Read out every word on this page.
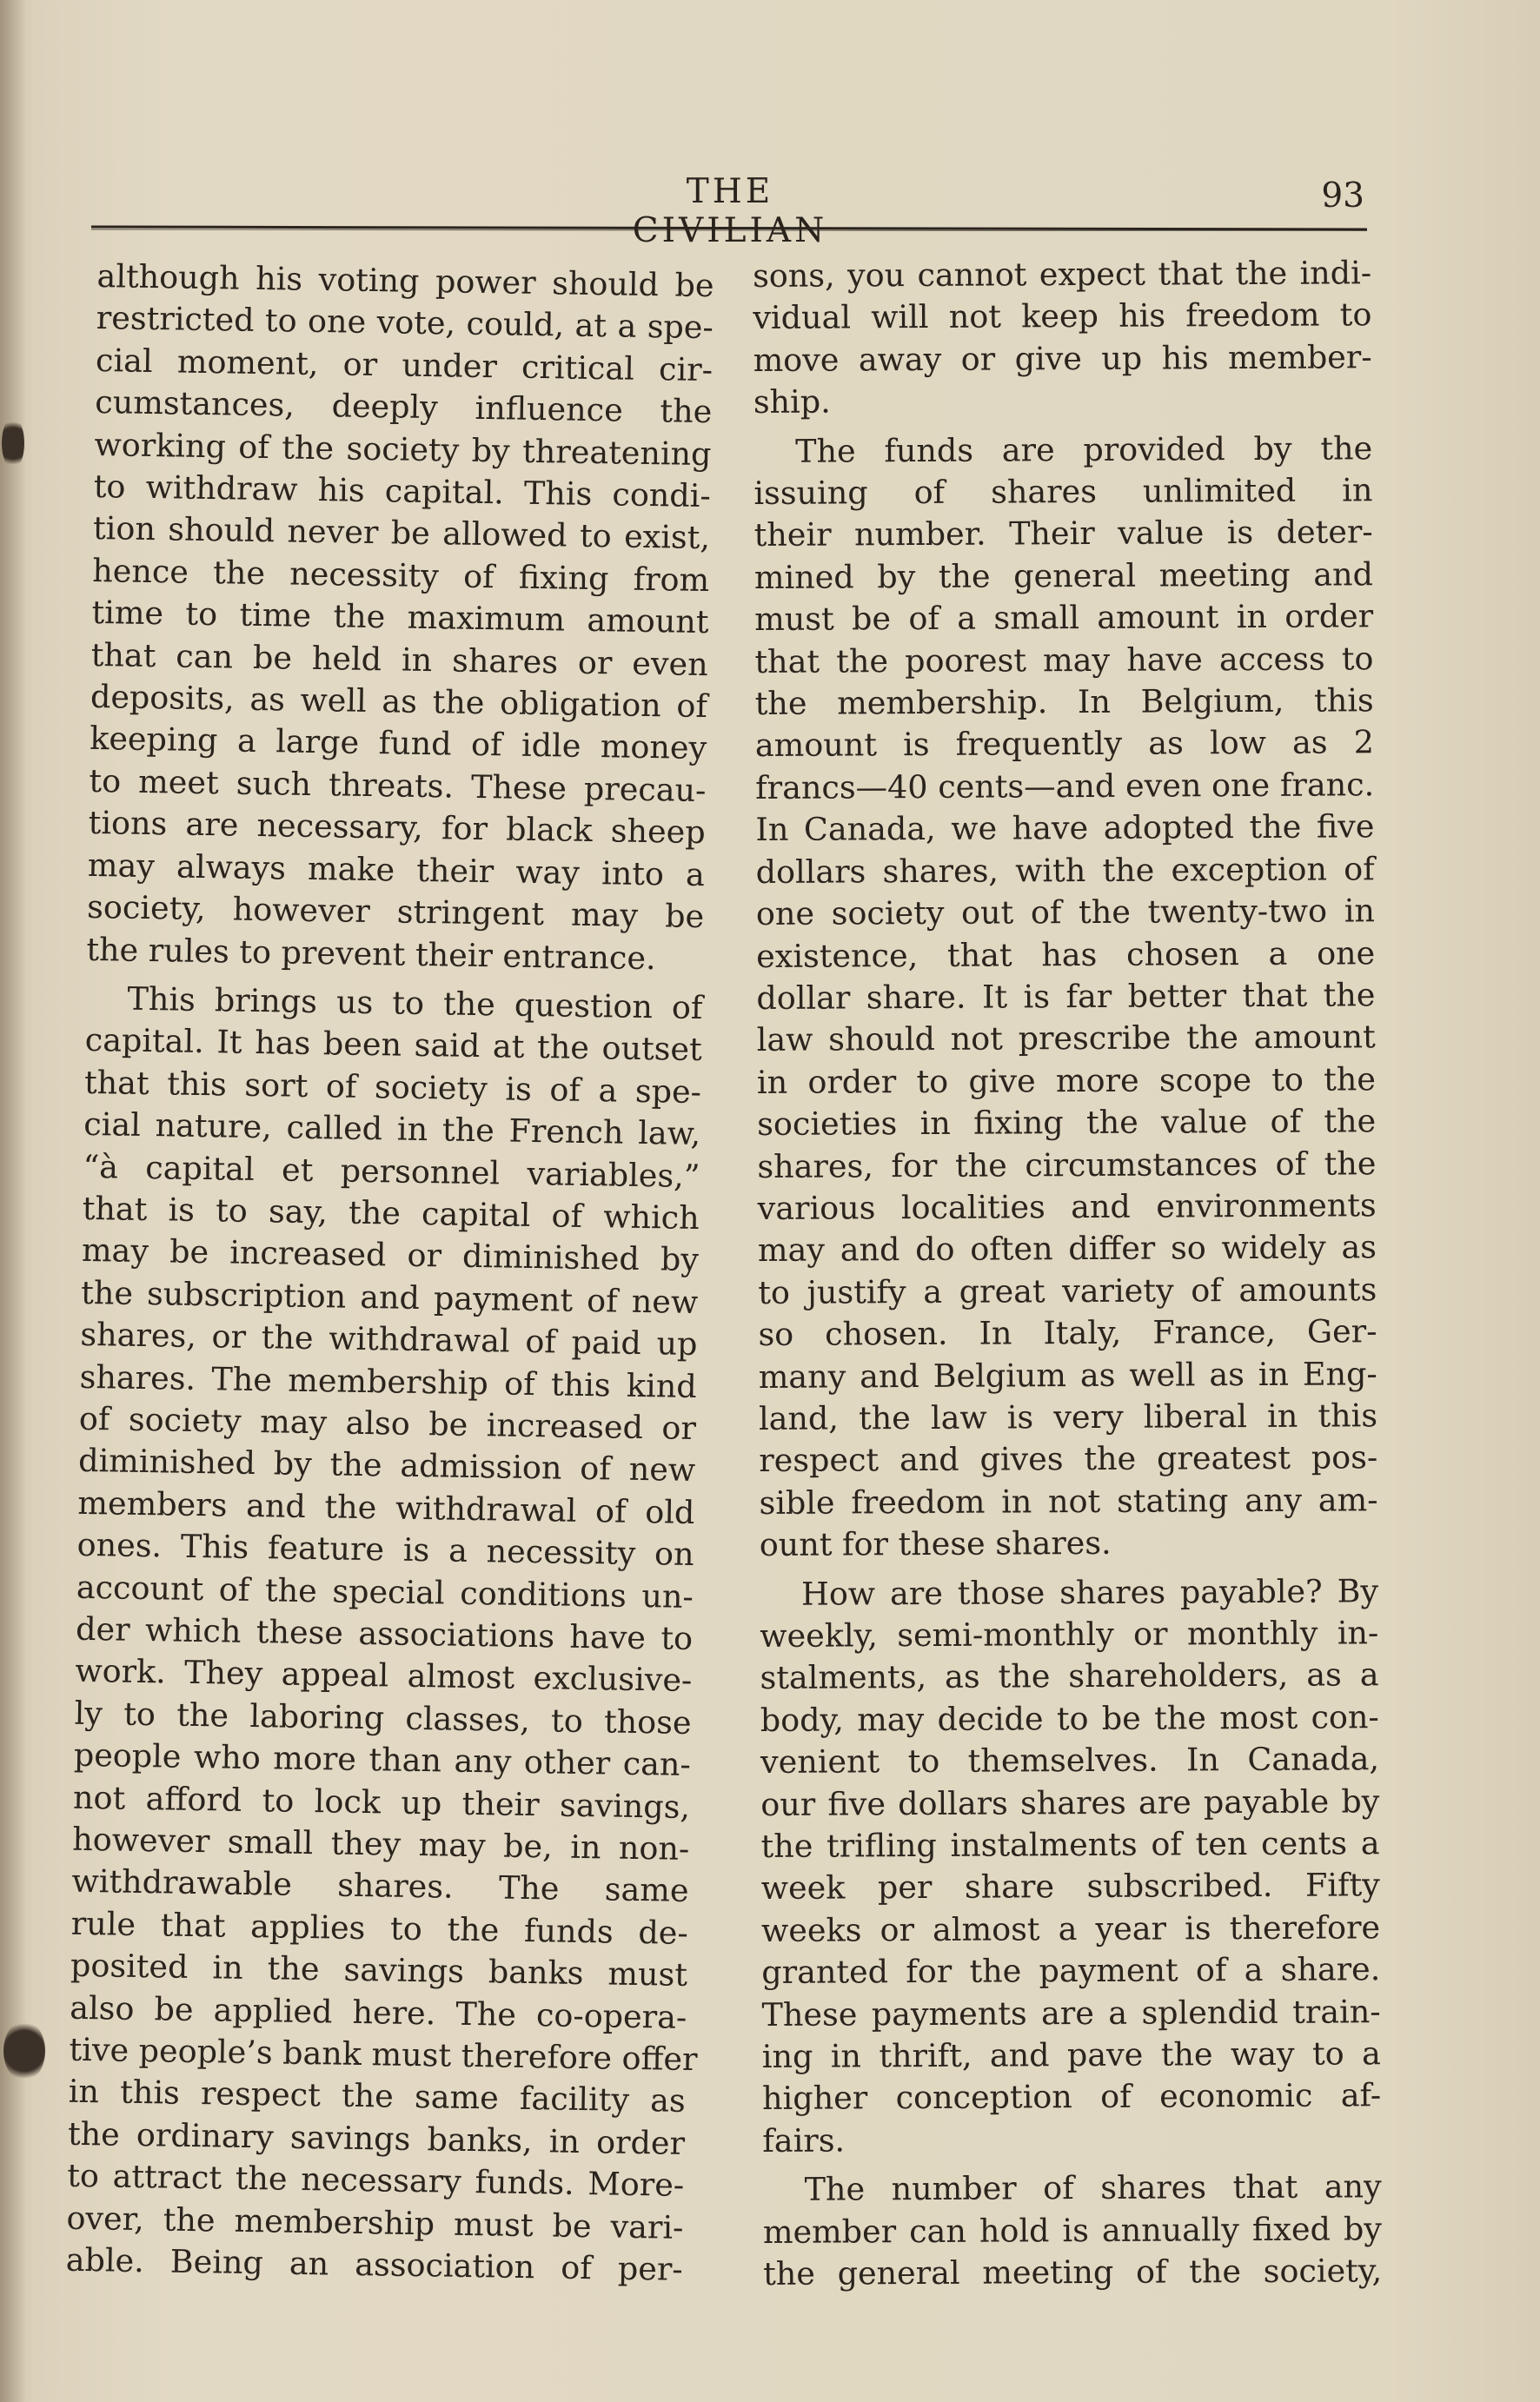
THE CIVILIAN
93
although his voting power should be
restricted to one vote, could, at a spe-
cial moment, or under critical cir-
cumstances, deeply influence the
working of the society by threatening
to withdraw his capital. This condi-
tion should never be allowed to exist,
hence the necessity of fixing from
time to time the maximum amount
that can be held in shares or even
deposits, as well as the obligation of
keeping a large fund of idle money
to meet such threats. These precau-
tions are necessary, for black sheep
may always make their way into a
society, however stringent may be
the rules to prevent their entrance.
This brings us to the question of
capital. It has been said at the outset
that this sort of society is of a spe-
cial nature, called in the French law,
“à capital et personnel variables,”
that is to say, the capital of which
may be increased or diminished by
the subscription and payment of new
shares, or the withdrawal of paid up
shares. The membership of this kind
of society may also be increased or
diminished by the admission of new
members and the withdrawal of old
ones. This feature is a necessity on
account of the special conditions un-
der which these associations have to
work. They appeal almost exclusive-
ly to the laboring classes, to those
people who more than any other can-
not afford to lock up their savings,
however small they may be, in non-
withdrawable shares. The same
rule that applies to the funds de-
posited in the savings banks must
also be applied here. The co-opera-
tive people’s bank must therefore offer
in this respect the same facility as
the ordinary savings banks, in order
to attract the necessary funds. More-
over, the membership must be vari-
able. Being an association of per-
sons, you cannot expect that the indi-
vidual will not keep his freedom to
move away or give up his member-
ship.
The funds are provided by the
issuing of shares unlimited in
their number. Their value is deter-
mined by the general meeting and
must be of a small amount in order
that the poorest may have access to
the membership. In Belgium, this
amount is frequently as low as 2
francs—40 cents—and even one franc.
In Canada, we have adopted the five
dollars shares, with the exception of
one society out of the twenty-two in
existence, that has chosen a one
dollar share. It is far better that the
law should not prescribe the amount
in order to give more scope to the
societies in fixing the value of the
shares, for the circumstances of the
various localities and environments
may and do often differ so widely as
to justify a great variety of amounts
so chosen. In Italy, France, Ger-
many and Belgium as well as in Eng-
land, the law is very liberal in this
respect and gives the greatest pos-
sible freedom in not stating any am-
ount for these shares.
How are those shares payable? By
weekly, semi-monthly or monthly in-
stalments, as the shareholders, as a
body, may decide to be the most con-
venient to themselves. In Canada,
our five dollars shares are payable by
the trifling instalments of ten cents a
week per share subscribed. Fifty
weeks or almost a year is therefore
granted for the payment of a share.
These payments are a splendid train-
ing in thrift, and pave the way to a
higher conception of economic af-
fairs.
The number of shares that any
member can hold is annually fixed by
the general meeting of the society,
